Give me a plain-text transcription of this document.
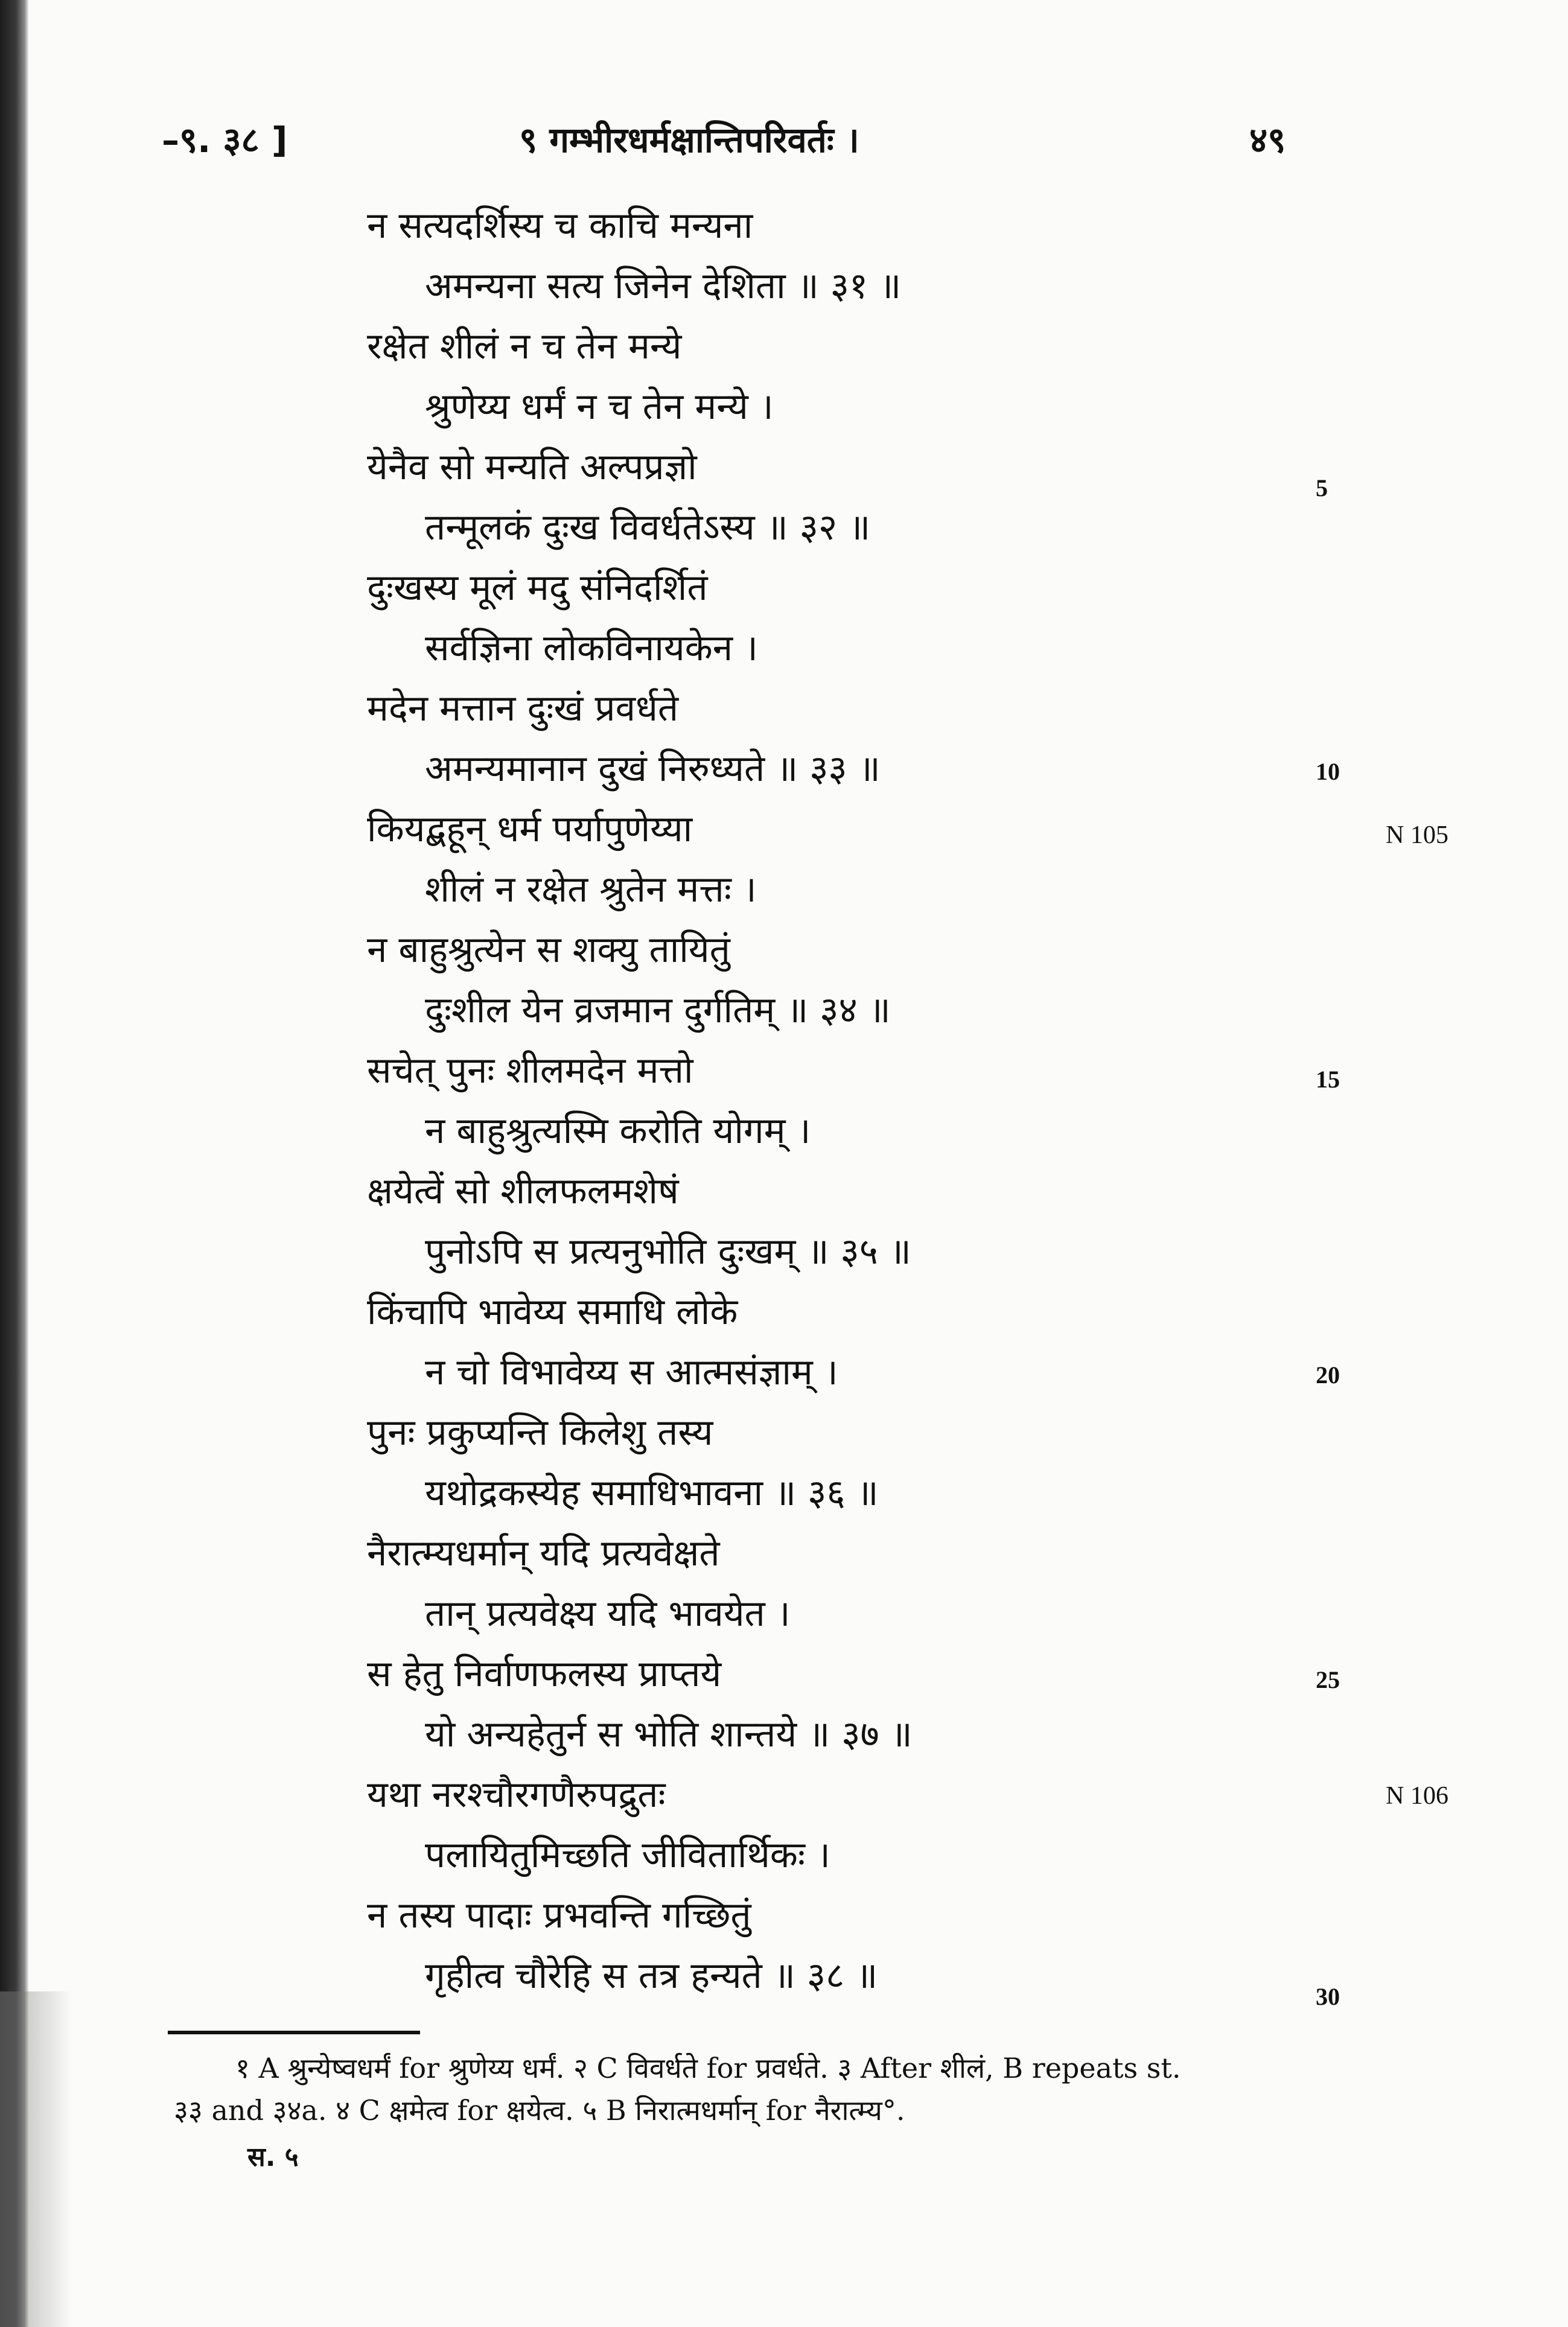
–९. ३८ ]	९ गम्भीरधर्मक्षान्तिपरिवर्तः ।	४९
न सत्यदर्शिस्य च काचि मन्यना
अमन्यना सत्य जिनेन देशिता ॥ ३१ ॥
रक्षेत शीलं न च तेन मन्ये
श्रुणेय्य धर्मं न च तेन मन्ये ।
येनैव सो मन्यति अल्पप्रज्ञो
तन्मूलकं दुःख विवर्धतेऽस्य ॥ ३२ ॥
दुःखस्य मूलं मदु संनिदर्शितं
सर्वज्ञिना लोकविनायकेन ।
मदेन मत्तान दुःखं प्रवर्धते
अमन्यमानान दुखं निरुध्यते ॥ ३३ ॥
कियद्बहून् धर्म पर्यापुणेय्या
शीलं न रक्षेत श्रुतेन मत्तः ।
न बाहुश्रुत्येन स शक्यु तायितुं
दुःशील येन व्रजमान दुर्गतिम् ॥ ३४ ॥
सचेत् पुनः शीलमदेन मत्तो
न बाहुश्रुत्यस्मि करोति योगम् ।
क्षयेत्वें सो शीलफलमशेषं
पुनोऽपि स प्रत्यनुभोति दुःखम् ॥ ३५ ॥
किंचापि भावेय्य समाधि लोके
न चो विभावेय्य स आत्मसंज्ञाम् ।
पुनः प्रकुप्यन्ति किलेशु तस्य
यथोद्रकस्येह समाधिभावना ॥ ३६ ॥
नैरात्म्यधर्मान् यदि प्रत्यवेक्षते
तान् प्रत्यवेक्ष्य यदि भावयेत ।
स हेतु निर्वाणफलस्य प्राप्तये
यो अन्यहेतुर्न स भोति शान्तये ॥ ३७ ॥
यथा नरश्चौरगणैरुपद्रुतः
पलायितुमिच्छति जीवितार्थिकः ।
न तस्य पादाः प्रभवन्ति गच्छितुं
गृहीत्व चौरेहि स तत्र हन्यते ॥ ३८ ॥
5
10
15
20
25
30
N 105
N 106
१ A श्रुन्येष्वधर्मं for श्रुणेय्य धर्मं. २ C विवर्धते for प्रवर्धते. ३ After शीलं, B repeats st.
३३ and ३४a. ४ C क्षमेत्व for क्षयेत्व. ५ B निरात्मधर्मान् for नैरात्म्य°.
स. ५
